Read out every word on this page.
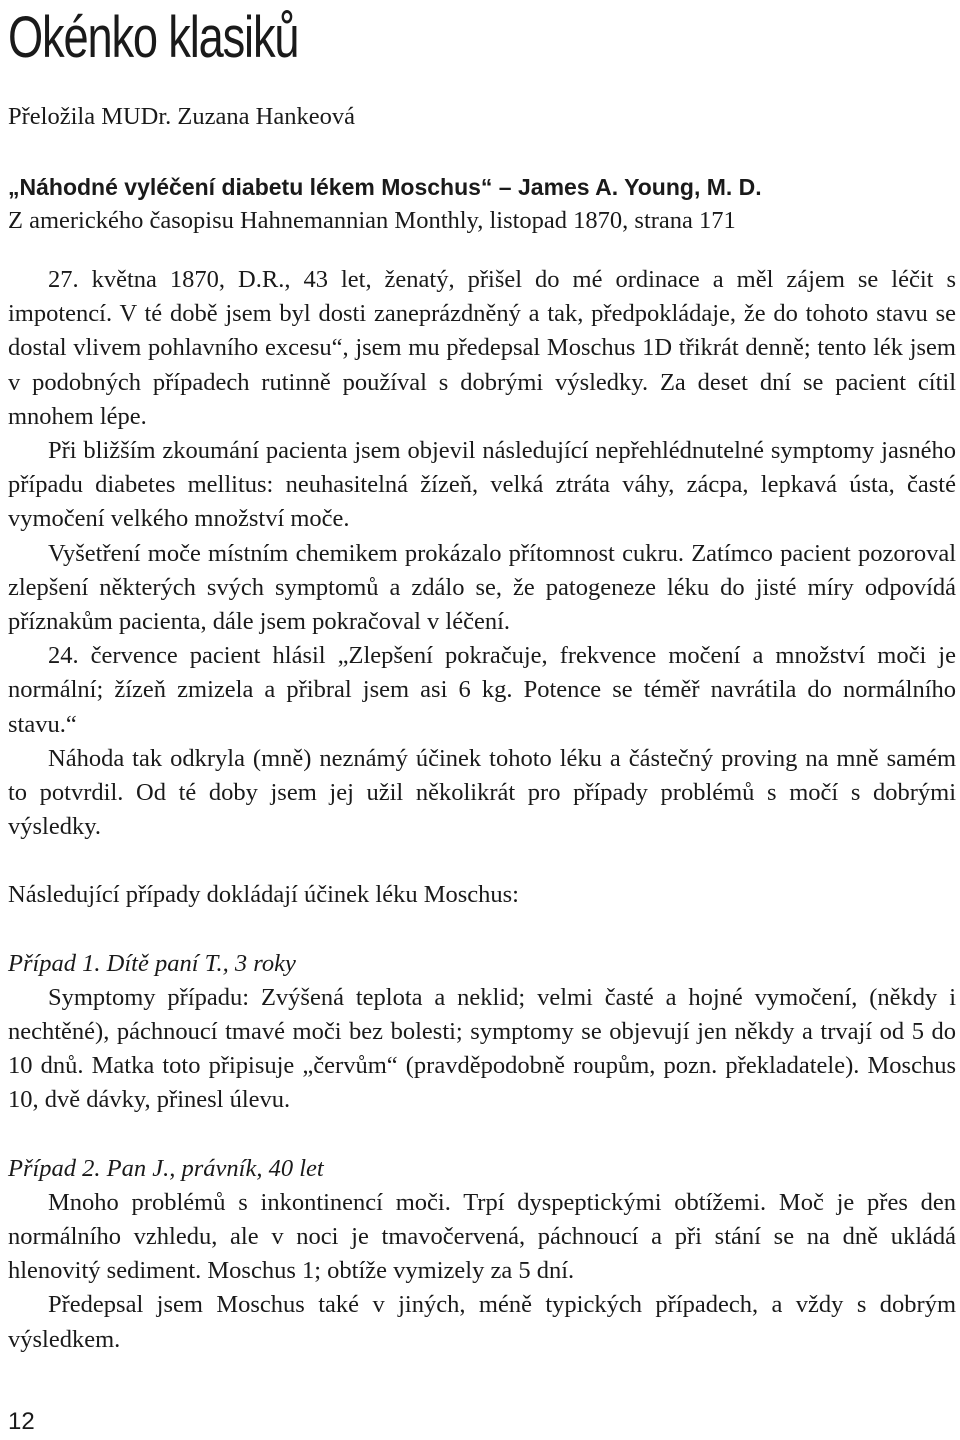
Okénko klasiků

Přeložila MUDr. Zuzana Hankeová

„Náhodné vyléčení diabetu lékem Moschus“ – James A. Young, M. D.
Z amerického časopisu Hahnemannian Monthly, listopad 1870, strana 171

27. května 1870, D.R., 43 let, ženatý, přišel do mé ordinace a měl zájem se léčit s impotencí. V té době jsem byl dosti zaneprázdněný a tak, předpokládaje, že do tohoto stavu se dostal vlivem pohlavního excesu“, jsem mu předepsal Moschus 1D třikrát denně; tento lék jsem v podobných případech rutinně používal s dobrými výsledky. Za deset dní se pacient cítil mnohem lépe.

Při bližším zkoumání pacienta jsem objevil následující nepřehlédnutelné symptomy jasného případu diabetes mellitus: neuhasitelná žízeň, velká ztráta váhy, zácpa, lepkavá ústa, časté vymočení velkého množství moče.

Vyšetření moče místním chemikem prokázalo přítomnost cukru. Zatímco pacient pozoroval zlepšení některých svých symptomů a zdálo se, že patogeneze léku do jisté míry odpovídá příznakům pacienta, dále jsem pokračoval v léčení.

24. července pacient hlásil „Zlepšení pokračuje, frekvence močení a množství moči je normální; žízeň zmizela a přibral jsem asi 6 kg. Potence se téměř navrátila do normálního stavu.“

Náhoda tak odkryla (mně) neznámý účinek tohoto léku a částečný proving na mně samém to potvrdil. Od té doby jsem jej užil několikrát pro případy problémů s močí s dobrými výsledky.

Následující případy dokládají účinek léku Moschus:

Případ 1. Dítě paní T., 3 roky

Symptomy případu: Zvýšená teplota a neklid; velmi časté a hojné vymočení, (někdy i nechtěné), páchnoucí tmavé moči bez bolesti; symptomy se objevují jen někdy a trvají od 5 do 10 dnů. Matka toto připisuje „červům“ (pravděpodobně roupům, pozn. překladatele). Moschus 10, dvě dávky, přinesl úlevu.

Případ 2. Pan J., právník, 40 let

Mnoho problémů s inkontinencí moči. Trpí dyspeptickými obtížemi. Moč je přes den normálního vzhledu, ale v noci je tmavočervená, páchnoucí a při stání se na dně ukládá hlenovitý sediment. Moschus 1; obtíže vymizely za 5 dní.

Předepsal jsem Moschus také v jiných, méně typických případech, a vždy s dobrým výsledkem.

12
